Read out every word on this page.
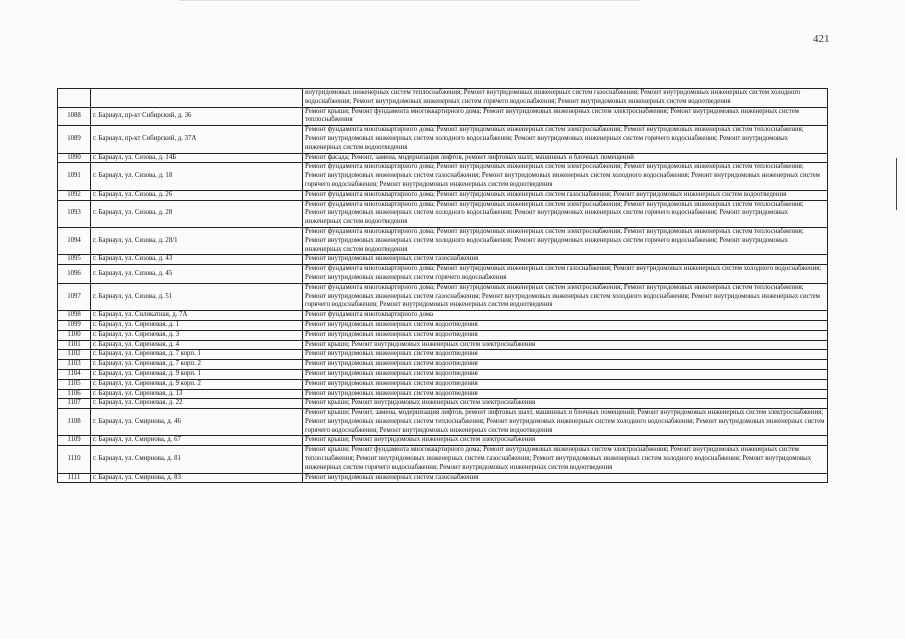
421
		внутридомовых инженерных систем теплоснабжения; Ремонт внутридомовых инженерных систем газоснабжения; Ремонт внутридомовых инженерных систем холодного водоснабжения; Ремонт внутридомовых инженерных систем горячего водоснабжения; Ремонт внутридомовых инженерных систем водоотведения
1088	г. Барнаул, пр-кт Сибирский, д. 36	Ремонт крыши; Ремонт фундамента многоквартирного дома; Ремонт внутридомовых инженерных систем электроснабжения; Ремонт внутридомовых инженерных систем теплоснабжения
1089	г. Барнаул, пр-кт Сибирский, д. 37А	Ремонт фундамента многоквартирного дома; Ремонт внутридомовых инженерных систем электроснабжения; Ремонт внутридомовых инженерных систем теплоснабжения; Ремонт внутридомовых инженерных систем холодного водоснабжения; Ремонт внутридомовых инженерных систем горячего водоснабжения; Ремонт внутридомовых инженерных систем водоотведения
1090	г. Барнаул, ул. Сизова, д. 14Б	Ремонт фасада; Ремонт, замена, модернизация лифтов, ремонт лифтовых шахт, машинных и блочных помещений
1091	г. Барнаул, ул. Сизова, д. 18	Ремонт фундамента многоквартирного дома; Ремонт внутридомовых инженерных систем электроснабжения; Ремонт внутридомовых инженерных систем теплоснабжения; Ремонт внутридомовых инженерных систем газоснабжения; Ремонт внутридомовых инженерных систем холодного водоснабжения; Ремонт внутридомовых инженерных систем горячего водоснабжения; Ремонт внутридомовых инженерных систем водоотведения
1092	г. Барнаул, ул. Сизова, д. 26	Ремонт фундамента многоквартирного дома; Ремонт внутридомовых инженерных систем газоснабжения; Ремонт внутридомовых инженерных систем водоотведения
1093	г. Барнаул, ул. Сизова, д. 28	Ремонт фундамента многоквартирного дома; Ремонт внутридомовых инженерных систем электроснабжения; Ремонт внутридомовых инженерных систем теплоснабжения; Ремонт внутридомовых инженерных систем холодного водоснабжения; Ремонт внутридомовых инженерных систем горячего водоснабжения; Ремонт внутридомовых инженерных систем водоотведения
1094	г. Барнаул, ул. Сизова, д. 28/1	Ремонт фундамента многоквартирного дома; Ремонт внутридомовых инженерных систем электроснабжения; Ремонт внутридомовых инженерных систем теплоснабжения; Ремонт внутридомовых инженерных систем холодного водоснабжения; Ремонт внутридомовых инженерных систем горячего водоснабжения; Ремонт внутридомовых инженерных систем водоотведения
1095	г. Барнаул, ул. Сизова, д. 43	Ремонт внутридомовых инженерных систем газоснабжения
1096	г. Барнаул, ул. Сизова, д. 45	Ремонт фундамента многоквартирного дома; Ремонт внутридомовых инженерных систем газоснабжения; Ремонт внутридомовых инженерных систем холодного водоснабжения; Ремонт внутридомовых инженерных систем горячего водоснабжения
1097	г. Барнаул, ул. Сизова, д. 51	Ремонт фундамента многоквартирного дома; Ремонт внутридомовых инженерных систем электроснабжения; Ремонт внутридомовых инженерных систем теплоснабжения; Ремонт внутридомовых инженерных систем газоснабжения; Ремонт внутридомовых инженерных систем холодного водоснабжения; Ремонт внутридомовых инженерных систем горячего водоснабжения; Ремонт внутридомовых инженерных систем водоотведения
1098	г. Барнаул, ул. Силикатная, д. 7А	Ремонт фундамента многоквартирного дома
1099	г. Барнаул, ул. Сиреневая, д. 1	Ремонт внутридомовых инженерных систем водоотведения
1100	г. Барнаул, ул. Сиреневая, д. 3	Ремонт внутридомовых инженерных систем водоотведения
1101	г. Барнаул, ул. Сиреневая, д. 4	Ремонт крыши; Ремонт внутридомовых инженерных систем электроснабжения
1102	г. Барнаул, ул. Сиреневая, д. 7 корп. 1	Ремонт внутридомовых инженерных систем водоотведения
1103	г. Барнаул, ул. Сиреневая, д. 7 корп. 2	Ремонт внутридомовых инженерных систем водоотведения
1104	г. Барнаул, ул. Сиреневая, д. 9 корп. 1	Ремонт внутридомовых инженерных систем водоотведения
1105	г. Барнаул, ул. Сиреневая, д. 9 корп. 2	Ремонт внутридомовых инженерных систем водоотведения
1106	г. Барнаул, ул. Сиреневая, д. 13	Ремонт внутридомовых инженерных систем водоотведения
1107	г. Барнаул, ул. Сиреневая, д. 22	Ремонт крыши; Ремонт внутридомовых инженерных систем электроснабжения
1108	г. Барнаул, ул. Смирнова, д. 46	Ремонт крыши; Ремонт, замена, модернизация лифтов, ремонт лифтовых шахт, машинных и блочных помещений; Ремонт внутридомовых инженерных систем электроснабжения; Ремонт внутридомовых инженерных систем теплоснабжения; Ремонт внутридомовых инженерных систем холодного водоснабжения; Ремонт внутридомовых инженерных систем горячего водоснабжения; Ремонт внутридомовых инженерных систем водоотведения
1109	г. Барнаул, ул. Смирнова, д. 67	Ремонт крыши; Ремонт внутридомовых инженерных систем электроснабжения
1110	г. Барнаул, ул. Смирнова, д. 81	Ремонт крыши; Ремонт фундамента многоквартирного дома; Ремонт внутридомовых инженерных систем электроснабжения; Ремонт внутридомовых инженерных систем теплоснабжения; Ремонт внутридомовых инженерных систем газоснабжения; Ремонт внутридомовых инженерных систем холодного водоснабжения; Ремонт внутридомовых инженерных систем горячего водоснабжения; Ремонт внутридомовых инженерных систем водоотведения
1111	г. Барнаул, ул. Смирнова, д. 83	Ремонт внутридомовых инженерных систем газоснабжения
